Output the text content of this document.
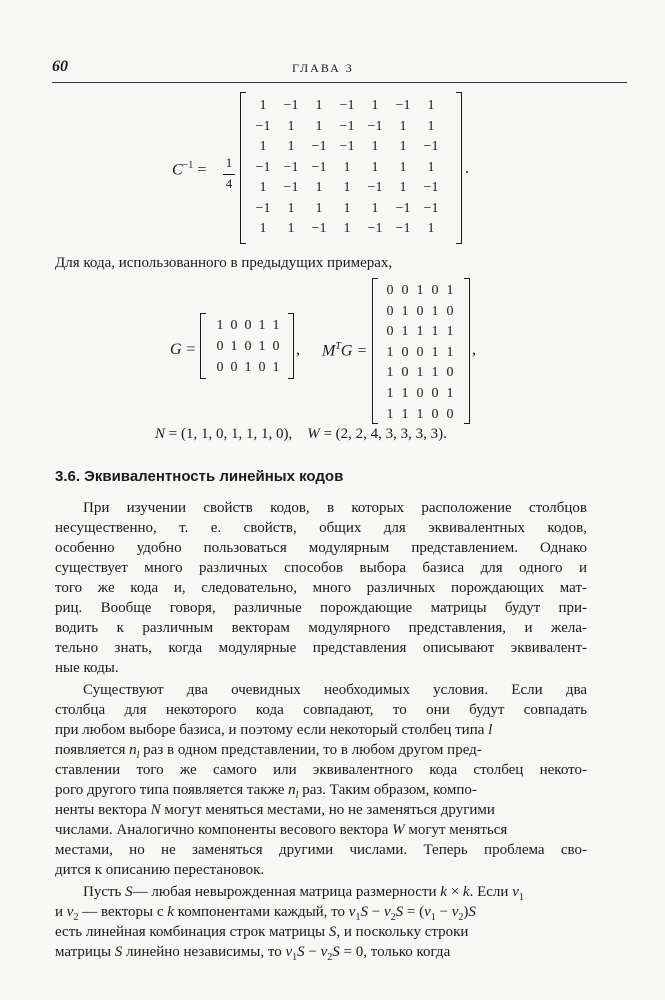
60	ГЛАВА 3
$C^{-1} = 1$
4
1	−1	1	−1	1	−1	1
−1	1	1	−1 −1	1	1
1	1	−1 −1	1	1	−1
−1 −1 −1	1	1	1	1
1	−1	1	1	−1	1	−1
−1	1	1	1	1	−1 −1
1	1	−1	1	−1 −1	1
.
Для кода, использованного в предыдущих примерах,
G =
1 0 0 1 1
0 1 0 1 0
0 0 1 0 1
, $M^TG$ =
0 0 1 0 1
0 1 0 1 0
0 1 1 1 1
1 0 0 1 1
1 0 1 1 0
1 1 0 0 1
1 1 1 0 0
,
N = (1, 1, 0, 1, 1, 1, 0), W = (2, 2, 4, 3, 3, 3, 3).
3.6. Эквивалентность линейных кодов
При изучении свойств кодов, в которых расположение столбцов
несущественно, т. е. свойств, общих для эквивалентных кодов,
особенно удобно пользоваться модулярным представлением. Однако
существует много различных способов выбора базиса для одного и
того же кода и, следовательно, много различных порождающих мат-
риц. Вообще говоря, различные порождающие матрицы будут при-
водить к различным векторам модулярного представления, и жела-
тельно знать, когда модулярные представления описывают эквивалент-
ные коды.
Существуют два очевидных необходимых условия. Если два
столбца для некоторого кода совпадают, то они будут совпадать
при любом выборе базиса, и поэтому если некоторый столбец типа l
появляется $n_l$ раз в одном представлении, то в любом другом пред-
ставлении того же самого или эквивалентного кода столбец некото-
рого другого типа появляется также $n_l$ раз. Таким образом, компо-
ненты вектора N могут меняться местами, но не заменяться другими
числами. Аналогично компоненты весового вектора W могут меняться
местами, но не заменяться другими числами. Теперь проблема сво-
дится к описанию перестановок.
Пусть S— любая невырожденная матрица размерности k × k. Если $v_1$
и $v_2$ — векторы с k компонентами каждый, то $v_1S - v_2S = (v_1 - v_2)S$
есть линейная комбинация строк матрицы S, и поскольку строки
матрицы S линейно независимы, то $v_1S - v_2S = 0$, только когда
